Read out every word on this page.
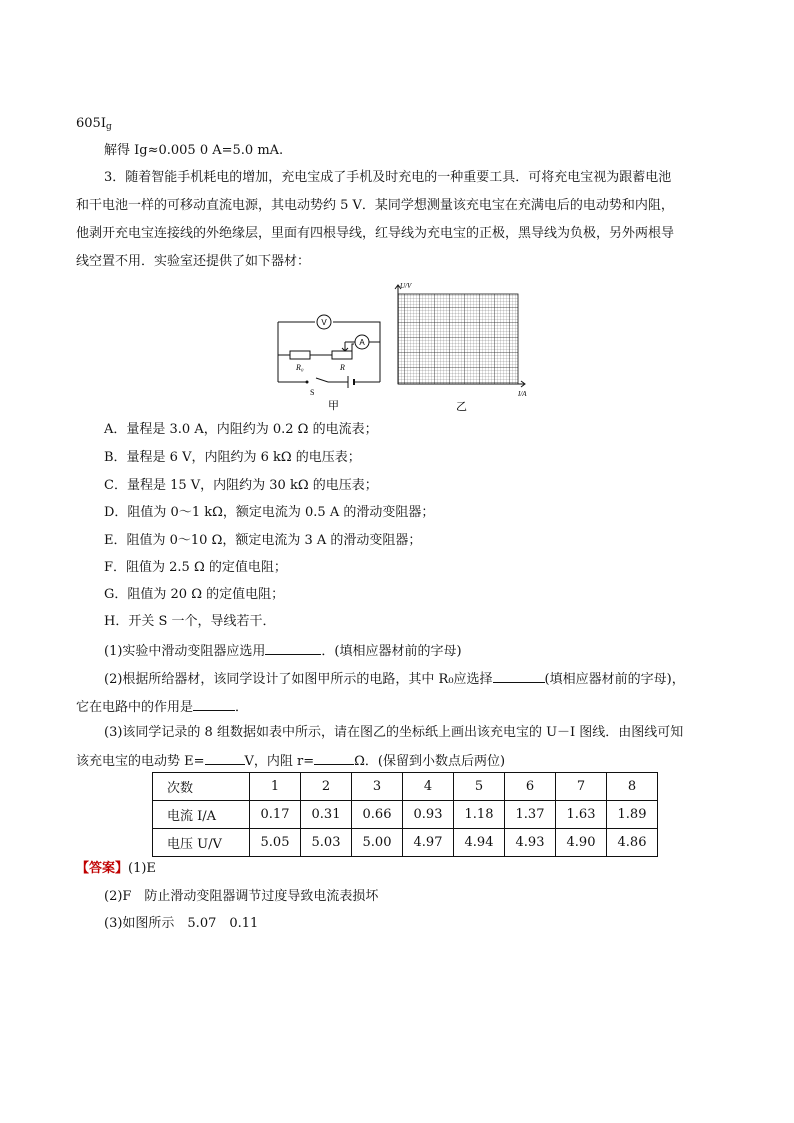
$605I_g$
解得 Ig≈0.005 0 A=5.0 mA.
3．随着智能手机耗电的增加，充电宝成了手机及时充电的一种重要工具．可将充电宝视为跟蓄电池
和干电池一样的可移动直流电源，其电动势约 5 V．某同学想测量该充电宝在充满电后的电动势和内阻，
他剥开充电宝连接线的外绝缘层，里面有四根导线，红导线为充电宝的正极，黑导线为负极，另外两根导
线空置不用．实验室还提供了如下器材：
V
A
R₀	R
S
甲
U/V
I/A
乙
A．量程是 3.0 A，内阻约为 0.2 Ω 的电流表；
B．量程是 6 V，内阻约为 6 kΩ 的电压表；
C．量程是 15 V，内阻约为 30 kΩ 的电压表；
D．阻值为 0～1 kΩ，额定电流为 0.5 A 的滑动变阻器；
E．阻值为 0～10 Ω，额定电流为 3 A 的滑动变阻器；
F．阻值为 2.5 Ω 的定值电阻；
G．阻值为 20 Ω 的定值电阻；
H．开关 S 一个，导线若干．
(1)实验中滑动变阻器应选用	．(填相应器材前的字母)
(2)根据所给器材，该同学设计了如图甲所示的电路，其中 R₀应选择	(填相应器材前的字母)，
它在电路中的作用是	．
(3)该同学记录的 8 组数据如表中所示，请在图乙的坐标纸上画出该充电宝的 U－I 图线．由图线可知
该充电宝的电动势 E=	V，内阻 r=	Ω．(保留到小数点后两位)
次数	1	2	3	4	5	6	7	8
电流 I/A	0.17	0.31	0.66	0.93	1.18	1.37	1.63	1.89
电压 U/V	5.05	5.03	5.00	4.97	4.94	4.93	4.90	4.86
【答案】(1)E
(2)F　防止滑动变阻器调节过度导致电流表损坏
(3)如图所示　5.07　0.11
